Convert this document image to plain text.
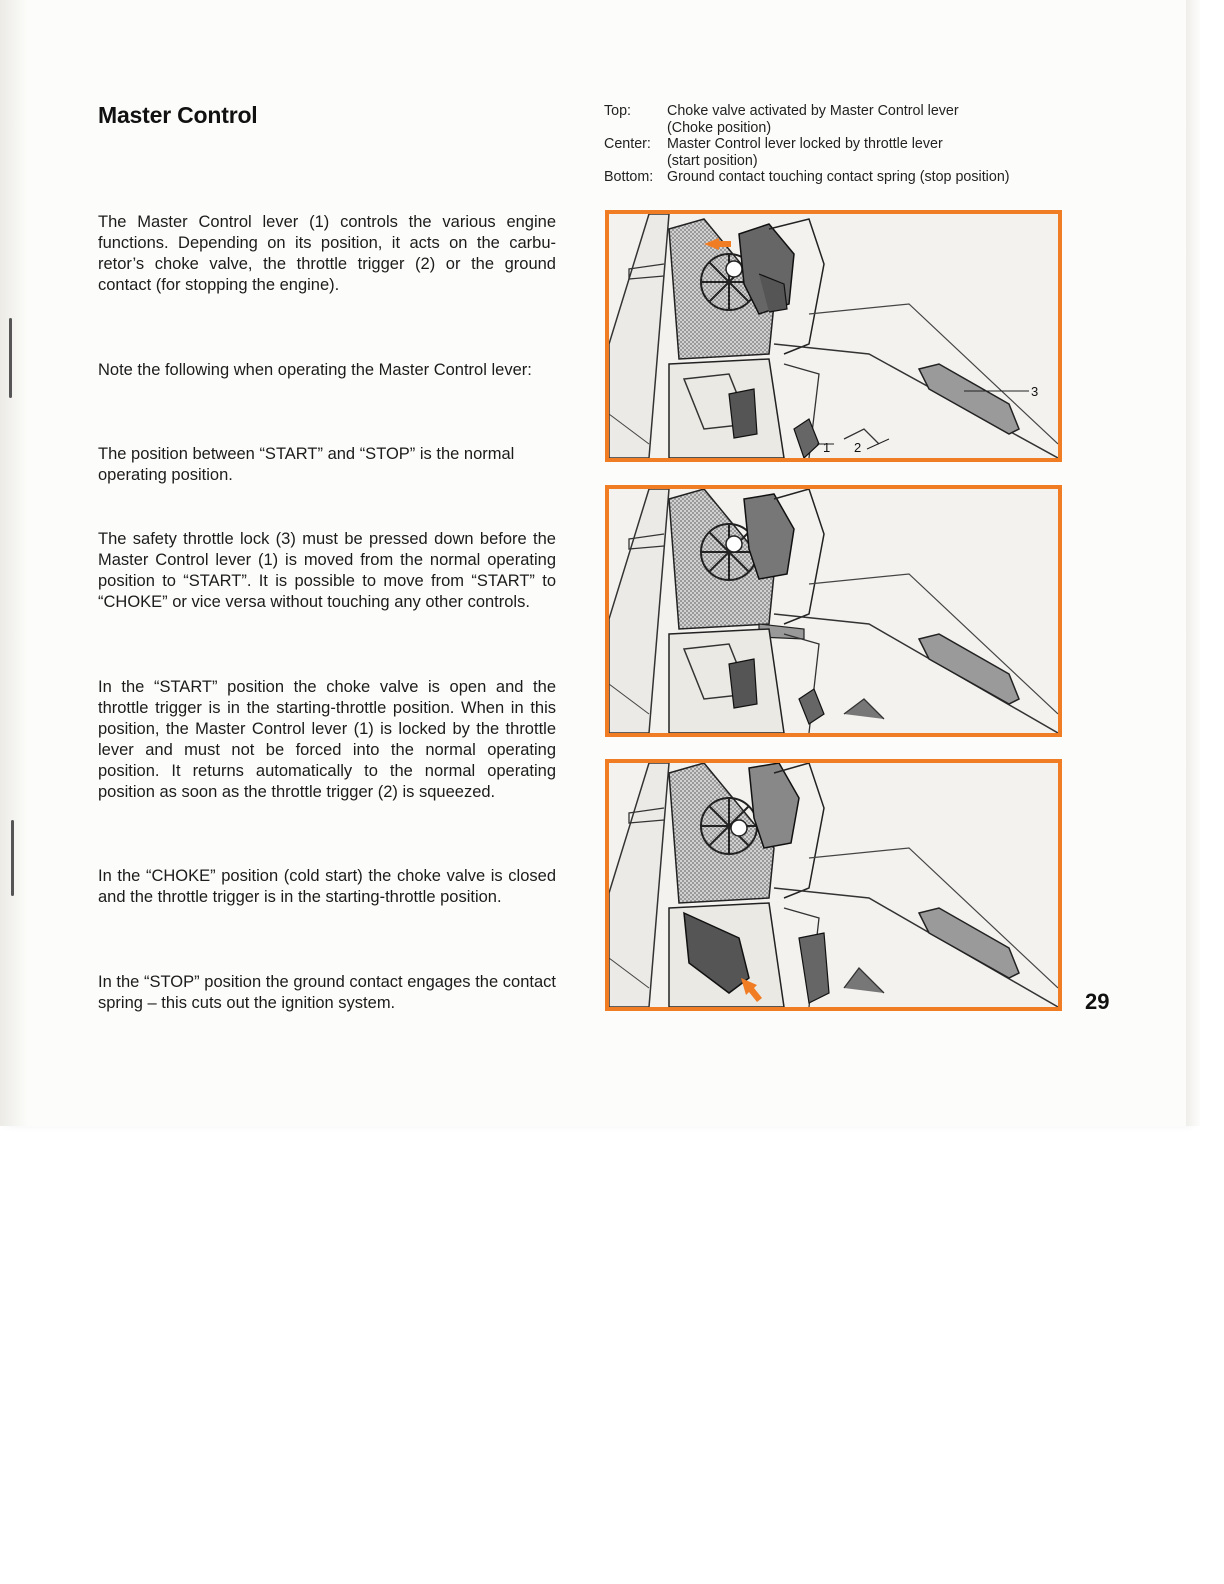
Master Control

The Master Control lever (1) controls the various engine functions. Depending on its position, it acts on the carbu-retor’s choke valve, the throttle trigger (2) or the ground contact (for stopping the engine).

Note the following when operating the Master Control lever:

The position between “START” and “STOP” is the normal operating position.

The safety throttle lock (3) must be pressed down before the Master Control lever (1) is moved from the normal operating position to “START”. It is possible to move from “START” to “CHOKE” or vice versa without touching any other controls.

In the “START” position the choke valve is open and the throttle trigger is in the starting-throttle position. When in this position, the Master Control lever (1) is locked by the throttle lever and must not be forced into the normal operating position. It returns automatically to the normal operating position as soon as the throttle trigger (2) is squeezed.

In the “CHOKE” position (cold start) the choke valve is closed and the throttle trigger is in the starting-throttle position.

In the “STOP” position the ground contact engages the contact spring – this cuts out the ignition system.

Top:	Choke valve activated by Master Control lever
(Choke position)
Center:	Master Control lever locked by throttle lever
(start position)
Bottom: Ground contact touching contact spring (stop position)
1 2
3
29
